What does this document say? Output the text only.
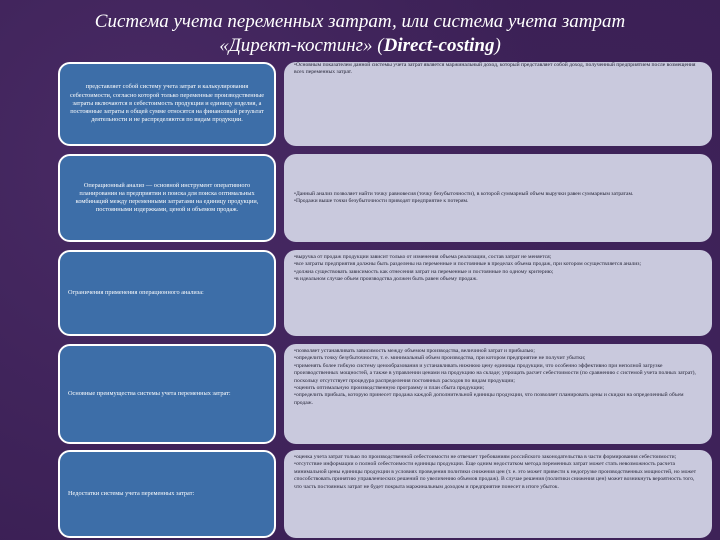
Система учета переменных затрат, или система учета затрат
«Директ-костинг» (Direct-costing)
представляет собой систему учета затрат и калькулирования себестоимости, согласно которой только переменные производственные затраты включаются в себестоимость продукции и единицу изделия, а постоянные затраты в общей сумме относятся на финансовый результат деятельности и не распределяются по видам продукции.
•Основным показателем данной системы учета затрат является маржинальный доход, который представляет собой доход, полученный предприятием после возмещения всех переменных затрат.
Операционный анализ — основной инструмент оперативного планирования на предприятии и поиска для поиска оптимальных комбинаций между переменными затратами на единицу продукции, постоянными издержками, ценой и объемом продаж.
•Данный анализ позволяет найти точку равновесия (точку безубыточности), в которой суммарный объем выручки равен суммарным затратам.
•Продажи выше точки безубыточности приводят предприятие к потерям.
Ограничения применения операционного анализа:
•выручка от продаж продукции зависит только от изменения объема реализации, состав затрат не меняется;
•все затраты предприятия должны быть разделены на переменные и постоянные в пределах объема продаж, при котором осуществляется анализ;
•должна существовать зависимость как отнесения затрат на переменные и постоянные по одному критерию;
•в идеальном случае объем производства должен быть равен объему продаж.
Основные преимущества системы учета переменных затрат:
•позволяет устанавливать зависимость между объемом производства, величиной затрат и прибылью;
•определить точку безубыточности, т. е. минимальный объем производства, при котором предприятие не получит убытки;
•применять более гибкую систему ценообразования и устанавливать нижнюю цену единицы продукции, что особенно эффективно при неполной загрузке производственных мощностей, а также в управлении ценами на продукцию на складе; упрощать расчет себестоимости (по сравнению с системой учета полных затрат), поскольку отсутствует процедура распределения постоянных расходов по видам продукции;
•оценить оптимальную производственную программу и план сбыта продукции;
•определить прибыль, которую принесет продажа каждой дополнительной единицы продукции, что позволяет планировать цены и скидки на определенный объем продаж.
Недостатки системы учета переменных затрат:
•оценка учета затрат только по производственной себестоимости не отвечает требованиям российского законодательства в части формирования себестоимости;
•отсутствие информации о полной себестоимости единицы продукции. Еще одним недостатком метода переменных затрат может стать невозможность расчета минимальной цены единицы продукции в условиях проведения политики снижения цен (т. е. это может привести к недогрузке производственных мощностей, но может способствовать принятию управленческих решений по увеличению объемов продаж). В случае решения (политики снижения цен) может возникнуть вероятность того, что часть постоянных затрат не будет покрыта маржинальным доходом и предприятие понесет в итоге убыток.
